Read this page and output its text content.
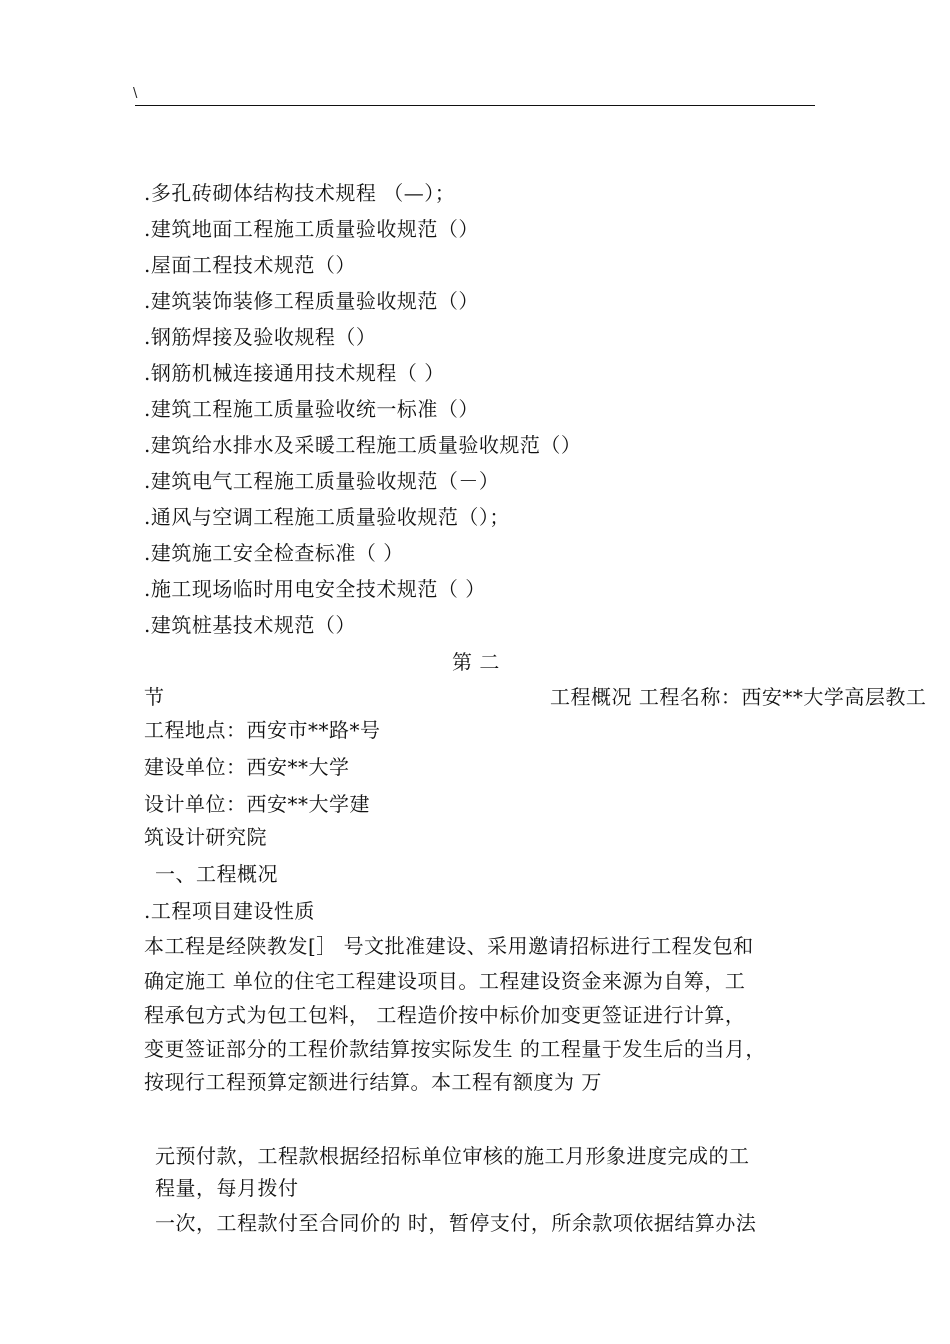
\
.多孔砖砌体结构技术规程 （—）；
.建筑地面工程施工质量验收规范（）
.屋面工程技术规范（）
.建筑装饰装修工程质量验收规范（）
.钢筋焊接及验收规程（）
.钢筋机械连接通用技术规程（ ）
.建筑工程施工质量验收统一标准（）
.建筑给水排水及采暖工程施工质量验收规范（）
.建筑电气工程施工质量验收规范（－）
.通风与空调工程施工质量验收规范（）；
.建筑施工安全检查标准（ ）
.施工现场临时用电安全技术规范（ ）
.建筑桩基技术规范（）
第 二
节	工程概况 工程名称：西安**大学高层教工
工程地点：西安市**路*号
建设单位：西安**大学
设计单位：西安**大学建
筑设计研究院
一、工程概况
.工程项目建设性质
本工程是经陕教发[］ 号文批准建设、采用邀请招标进行工程发包和
确定施工 单位的住宅工程建设项目。工程建设资金来源为自筹，工
程承包方式为包工包料， 工程造价按中标价加变更签证进行计算，
变更签证部分的工程价款结算按实际发生 的工程量于发生后的当月，
按现行工程预算定额进行结算。本工程有额度为 万
元预付款，工程款根据经招标单位审核的施工月形象进度完成的工
程量，每月拨付
一次，工程款付至合同价的 时，暂停支付，所余款项依据结算办法
